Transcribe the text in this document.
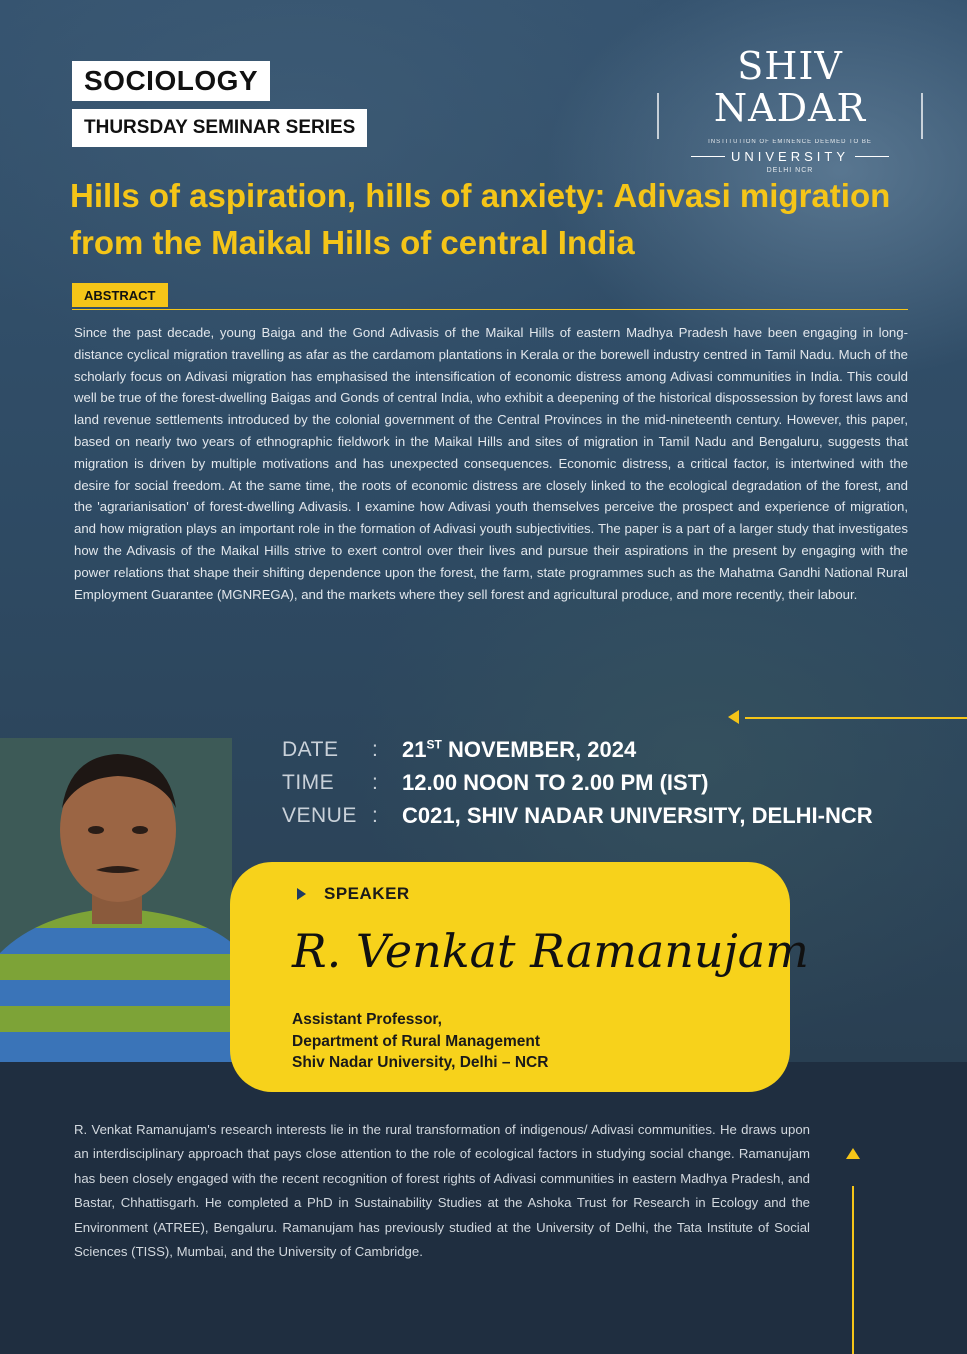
SOCIOLOGY
THURSDAY SEMINAR SERIES
SHIV NADAR
INSTITUTION OF EMINENCE DEEMED TO BE
UNIVERSITY
DELHI NCR
Hills of aspiration, hills of anxiety: Adivasi migration from the Maikal Hills of central India
ABSTRACT

Since the past decade, young Baiga and the Gond Adivasis of the Maikal Hills of eastern Madhya Pradesh have been engaging in long-distance cyclical migration travelling as afar as the cardamom plantations in Kerala or the borewell industry centred in Tamil Nadu. Much of the scholarly focus on Adivasi migration has emphasised the intensification of economic distress among Adivasi communities in India. This could well be true of the forest-dwelling Baigas and Gonds of central India, who exhibit a deepening of the historical dispossession by forest laws and land revenue settlements introduced by the colonial government of the Central Provinces in the mid-nineteenth century. However, this paper, based on nearly two years of ethnographic fieldwork in the Maikal Hills and sites of migration in Tamil Nadu and Bengaluru, suggests that migration is driven by multiple motivations and has unexpected consequences. Economic distress, a critical factor, is intertwined with the desire for social freedom. At the same time, the roots of economic distress are closely linked to the ecological degradation of the forest, and the 'agrarianisation' of forest-dwelling Adivasis. I examine how Adivasi youth themselves perceive the prospect and experience of migration, and how migration plays an important role in the formation of Adivasi youth subjectivities. The paper is a part of a larger study that investigates how the Adivasis of the Maikal Hills strive to exert control over their lives and pursue their aspirations in the present by engaging with the power relations that shape their shifting dependence upon the forest, the farm, state programmes such as the Mahatma Gandhi National Rural Employment Guarantee (MGNREGA), and the markets where they sell forest and agricultural produce, and more recently, their labour.

DATE	:	21ST NOVEMBER, 2024
TIME	:	12.00 NOON TO 2.00 PM (IST)
VENUE :	C021, SHIV NADAR UNIVERSITY, DELHI-NCR
SPEAKER
R. Venkat Ramanujam
Assistant Professor,
Department of Rural Management
Shiv Nadar University, Delhi – NCR

R. Venkat Ramanujam's research interests lie in the rural transformation of indigenous/ Adivasi communities. He draws upon an interdisciplinary approach that pays close attention to the role of ecological factors in studying social change. Ramanujam has been closely engaged with the recent recognition of forest rights of Adivasi communities in eastern Madhya Pradesh, and Bastar, Chhattisgarh. He completed a PhD in Sustainability Studies at the Ashoka Trust for Research in Ecology and the Environment (ATREE), Bengaluru. Ramanujam has previously studied at the University of Delhi, the Tata Institute of Social Sciences (TISS), Mumbai, and the University of Cambridge.
